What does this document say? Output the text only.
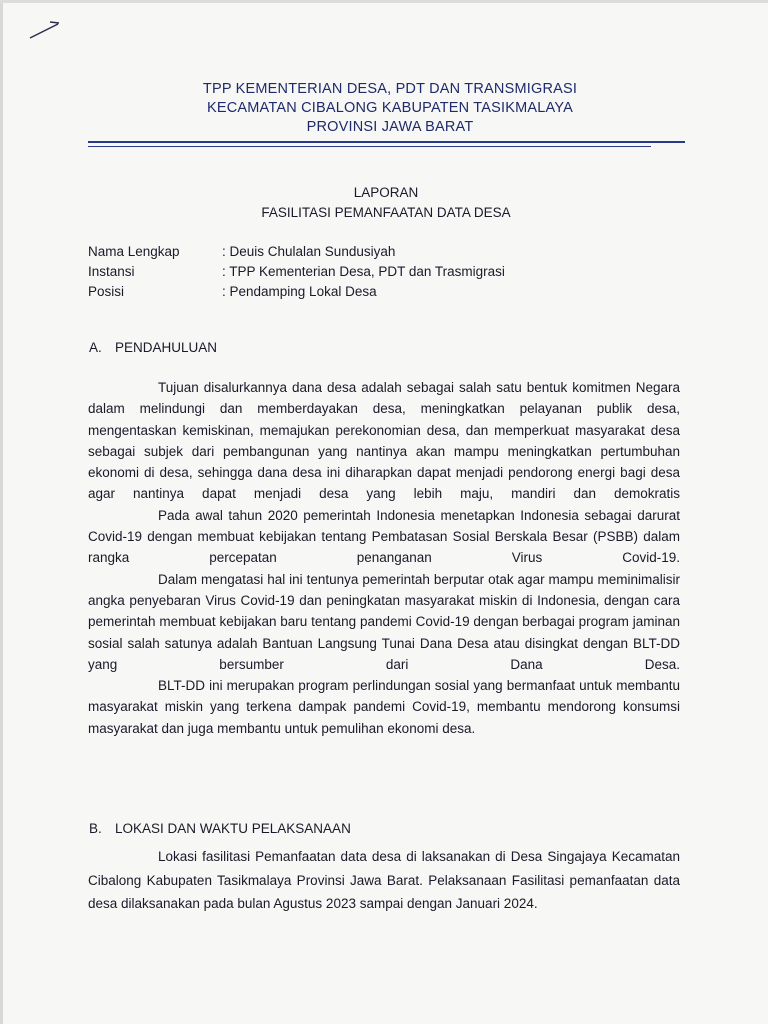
TPP KEMENTERIAN DESA, PDT DAN TRANSMIGRASI
KECAMATAN CIBALONG KABUPATEN TASIKMALAYA
PROVINSI JAWA BARAT
LAPORAN
FASILITASI PEMANFAATAN DATA DESA
Nama Lengkap	: Deuis Chulalan Sundusiyah
Instansi	: TPP Kementerian Desa, PDT dan Trasmigrasi
Posisi	: Pendamping Lokal Desa
A. PENDAHULUAN

Tujuan disalurkannya dana desa adalah sebagai salah satu bentuk komitmen Negara dalam melindungi dan memberdayakan desa, meningkatkan pelayanan publik desa, mengentaskan kemiskinan, memajukan perekonomian desa, dan memperkuat masyarakat desa sebagai subjek dari pembangunan yang nantinya akan mampu meningkatkan pertumbuhan ekonomi di desa, sehingga dana desa ini diharapkan dapat menjadi pendorong energi bagi desa agar nantinya dapat menjadi desa yang lebih maju, mandiri dan demokratis

Pada awal tahun 2020 pemerintah Indonesia menetapkan Indonesia sebagai darurat Covid-19 dengan membuat kebijakan tentang Pembatasan Sosial Berskala Besar (PSBB) dalam rangka percepatan penanganan Virus Covid-19.

Dalam mengatasi hal ini tentunya pemerintah berputar otak agar mampu meminimalisir angka penyebaran Virus Covid-19 dan peningkatan masyarakat miskin di Indonesia, dengan cara pemerintah membuat kebijakan baru tentang pandemi Covid-19 dengan berbagai program jaminan sosial salah satunya adalah Bantuan Langsung Tunai Dana Desa atau disingkat dengan BLT-DD yang bersumber dari Dana Desa.

BLT-DD ini merupakan program perlindungan sosial yang bermanfaat untuk membantu masyarakat miskin yang terkena dampak pandemi Covid-19, membantu mendorong konsumsi masyarakat dan juga membantu untuk pemulihan ekonomi desa.

B. LOKASI DAN WAKTU PELAKSANAAN

Lokasi fasilitasi Pemanfaatan data desa di laksanakan di Desa Singajaya Kecamatan Cibalong Kabupaten Tasikmalaya Provinsi Jawa Barat. Pelaksanaan Fasilitasi pemanfaatan data desa dilaksanakan pada bulan Agustus 2023 sampai dengan Januari 2024.
